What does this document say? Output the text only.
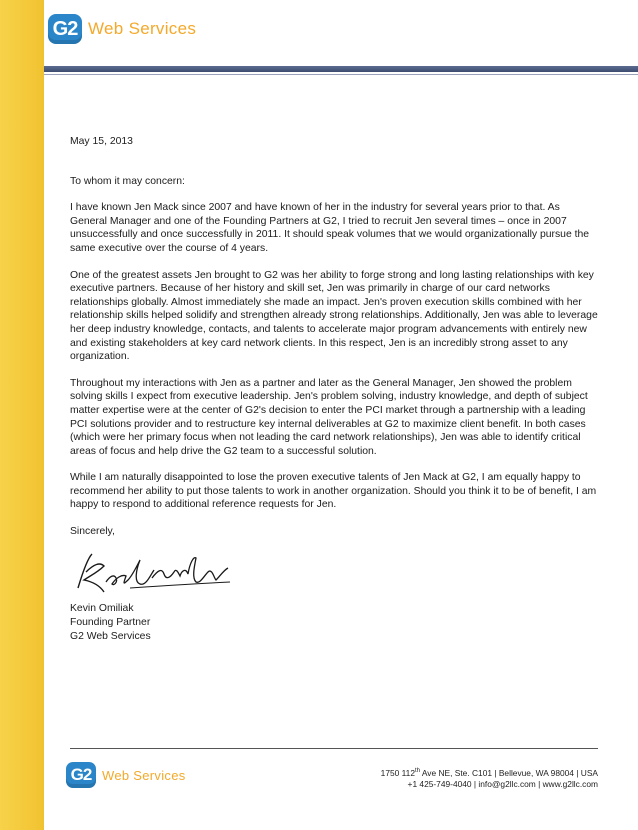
G2 Web Services

May 15, 2013

To whom it may concern:

I have known Jen Mack since 2007 and have known of her in the industry for several years prior to that. As General Manager and one of the Founding Partners at G2, I tried to recruit Jen several times – once in 2007 unsuccessfully and once successfully in 2011. It should speak volumes that we would organizationally pursue the same executive over the course of 4 years.

One of the greatest assets Jen brought to G2 was her ability to forge strong and long lasting relationships with key executive partners. Because of her history and skill set, Jen was primarily in charge of our card networks relationships globally. Almost immediately she made an impact. Jen's proven execution skills combined with her relationship skills helped solidify and strengthen already strong relationships. Additionally, Jen was able to leverage her deep industry knowledge, contacts, and talents to accelerate major program advancements with entirely new and existing stakeholders at key card network clients. In this respect, Jen is an incredibly strong asset to any organization.

Throughout my interactions with Jen as a partner and later as the General Manager, Jen showed the problem solving skills I expect from executive leadership. Jen's problem solving, industry knowledge, and depth of subject matter expertise were at the center of G2's decision to enter the PCI market through a partnership with a leading PCI solutions provider and to restructure key internal deliverables at G2 to maximize client benefit. In both cases (which were her primary focus when not leading the card network relationships), Jen was able to identify critical areas of focus and help drive the G2 team to a successful solution.

While I am naturally disappointed to lose the proven executive talents of Jen Mack at G2, I am equally happy to recommend her ability to put those talents to work in another organization. Should you think it to be of benefit, I am happy to respond to additional reference requests for Jen.

Sincerely,

Kevin Omiliak
Founding Partner
G2 Web Services
G2 Web Services	1750 112th Ave NE, Ste. C101 | Bellevue, WA 98004 | USA
+1 425-749-4040 | info@g2llc.com | www.g2llc.com
